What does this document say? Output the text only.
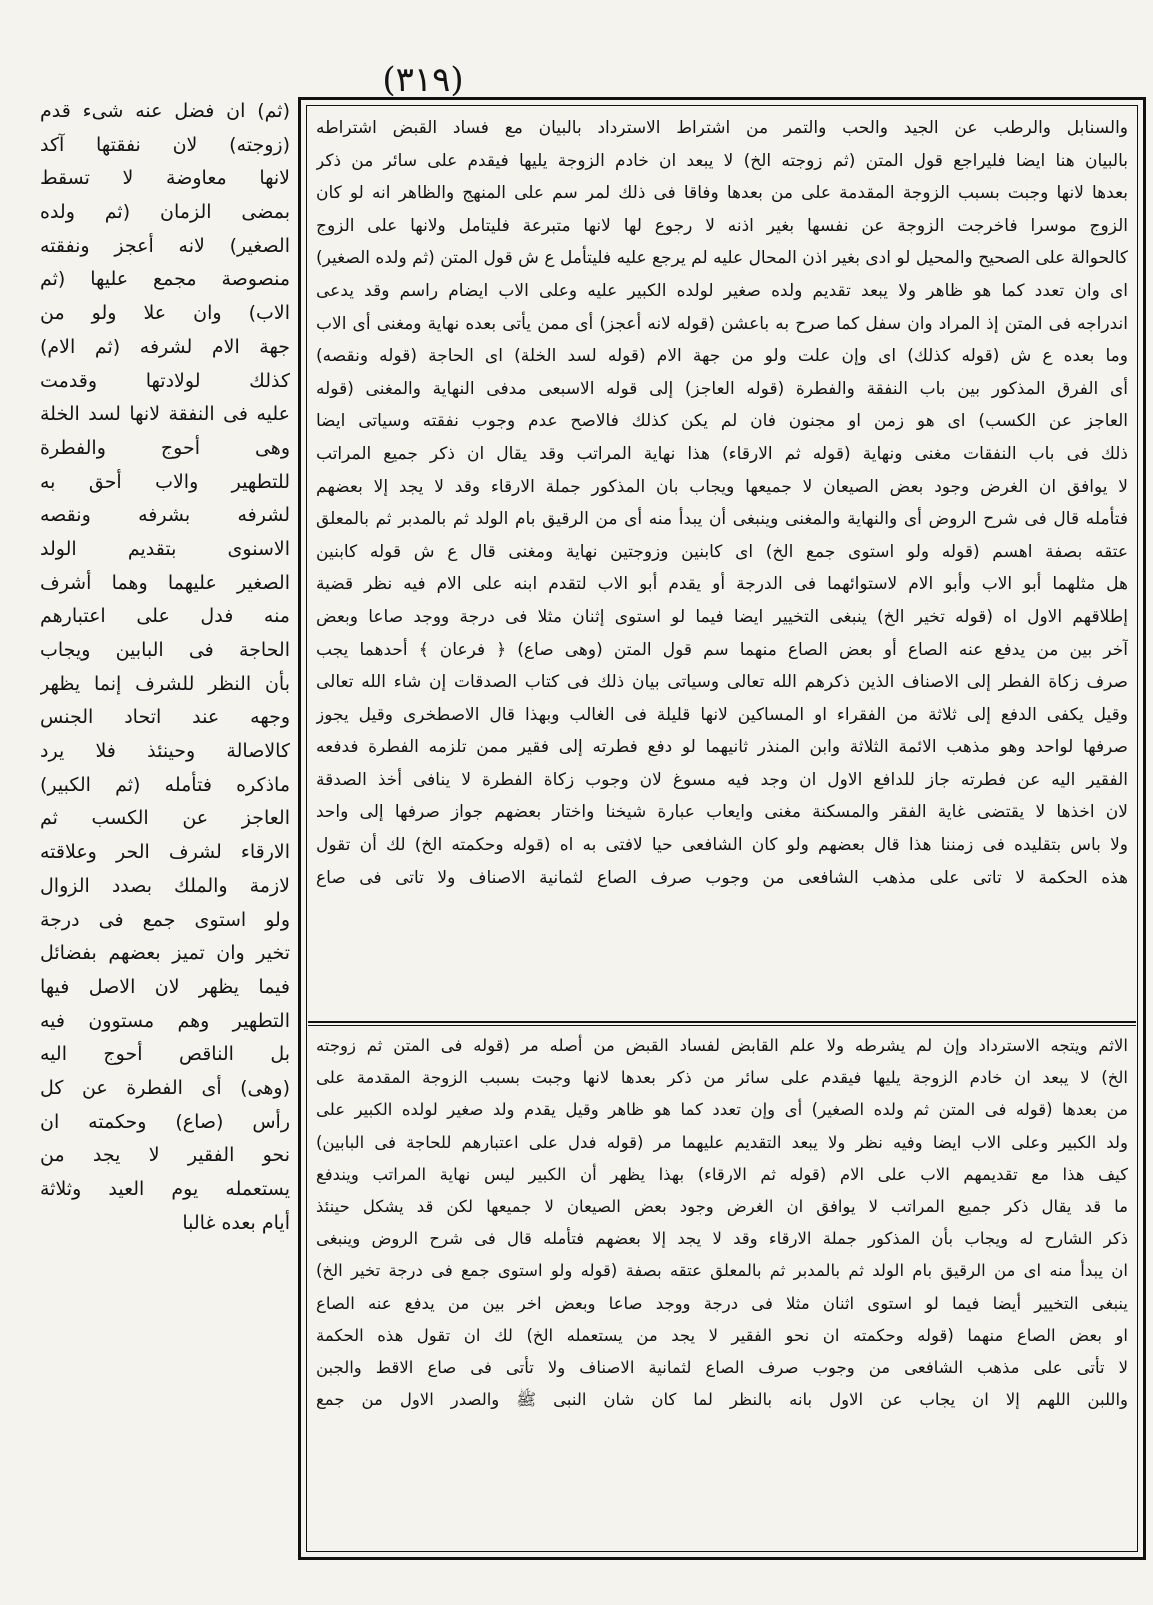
(٣١٩)
والسنابل والرطب عن الجيد والحب والتمر من اشتراط الاسترداد بالبيان مع فساد القبض اشتراطه
بالبيان هنا ايضا فليراجع قول المتن (ثم زوجته الخ) لا يبعد ان خادم الزوجة يليها فيقدم على سائر من ذكر
بعدها لانها وجبت بسبب الزوجة المقدمة على من بعدها وفاقا فى ذلك لمر سم على المنهج والظاهر انه لو كان
الزوج موسرا فاخرجت الزوجة عن نفسها بغير اذنه لا رجوع لها لانها متبرعة فليتامل ولانها على الزوج
كالحوالة على الصحيح والمحيل لو ادى بغير اذن المحال عليه لم يرجع عليه فليتأمل ع ش قول المتن (ثم ولده الصغير)
اى وان تعدد كما هو ظاهر ولا يبعد تقديم ولده صغير لولده الكبير عليه وعلى الاب ايضام راسم وقد يدعى
اندراجه فى المتن إذ المراد وان سفل كما صرح به باعشن (قوله لانه أعجز) أى ممن يأتى بعده نهاية ومغنى أى الاب
وما بعده ع ش (قوله كذلك) اى وإن علت ولو من جهة الام (قوله لسد الخلة) اى الحاجة (قوله ونقصه)
أى الفرق المذكور بين باب النفقة والفطرة (قوله العاجز) إلى قوله الاسبعى مدفى النهاية والمغنى (قوله
العاجز عن الكسب) اى هو زمن او مجنون فان لم يكن كذلك فالاصح عدم وجوب نفقته وسياتى ايضا
ذلك فى باب النفقات مغنى ونهاية (قوله ثم الارقاء) هذا نهاية المراتب وقد يقال ان ذكر جميع المراتب
لا يوافق ان الغرض وجود بعض الصيعان لا جميعها ويجاب بان المذكور جملة الارقاء وقد لا يجد إلا بعضهم
فتأمله قال فى شرح الروض أى والنهاية والمغنى وينبغى أن يبدأ منه أى من الرقيق بام الولد ثم بالمدبر ثم بالمعلق
عتقه بصفة اهسم (قوله ولو استوى جمع الخ) اى كابنين وزوجتين نهاية ومغنى قال ع ش قوله كابنين
هل مثلهما أبو الاب وأبو الام لاستوائهما فى الدرجة أو يقدم أبو الاب لتقدم ابنه على الام فيه نظر قضية
إطلاقهم الاول اه (قوله تخير الخ) ينبغى التخيير ايضا فيما لو استوى إثنان مثلا فى درجة ووجد صاعا وبعض
آخر بين من يدفع عنه الصاع أو بعض الصاع منهما سم قول المتن (وهى صاع) ﴿ فرعان ﴾ أحدهما يجب
صرف زكاة الفطر إلى الاصناف الذين ذكرهم الله تعالى وسياتى بيان ذلك فى كتاب الصدقات إن شاء الله تعالى
وقيل يكفى الدفع إلى ثلاثة من الفقراء او المساكين لانها قليلة فى الغالب وبهذا قال الاصطخرى وقيل يجوز
صرفها لواحد وهو مذهب الائمة الثلاثة وابن المنذر ثانيهما لو دفع فطرته إلى فقير ممن تلزمه الفطرة فدفعه
الفقير اليه عن فطرته جاز للدافع الاول ان وجد فيه مسوغ لان وجوب زكاة الفطرة لا ينافى أخذ الصدقة
لان اخذها لا يقتضى غاية الفقر والمسكنة مغنى وايعاب عبارة شيخنا واختار بعضهم جواز صرفها إلى واحد
ولا باس بتقليده فى زمننا هذا قال بعضهم ولو كان الشافعى حيا لافتى به اه (قوله وحكمته الخ) لك أن تقول
هذه الحكمة لا تاتى على مذهب الشافعى من وجوب صرف الصاع لثمانية الاصناف ولا تاتى فى صاع
الاثم ويتجه الاسترداد وإن لم يشرطه ولا علم القابض لفساد القبض من أصله مر (قوله فى المتن ثم زوجته
الخ) لا يبعد ان خادم الزوجة يليها فيقدم على سائر من ذكر بعدها لانها وجبت بسبب الزوجة المقدمة على
من بعدها (قوله فى المتن ثم ولده الصغير) أى وإن تعدد كما هو ظاهر وقيل يقدم ولد صغير لولده الكبير على
ولد الكبير وعلى الاب ايضا وفيه نظر ولا يبعد التقديم عليهما مر (قوله فدل على اعتبارهم للحاجة فى البابين)
كيف هذا مع تقديمهم الاب على الام (قوله ثم الارقاء) بهذا يظهر أن الكبير ليس نهاية المراتب ويندفع
ما قد يقال ذكر جميع المراتب لا يوافق ان الغرض وجود بعض الصيعان لا جميعها لكن قد يشكل حينئذ
ذكر الشارح له ويجاب بأن المذكور جملة الارقاء وقد لا يجد إلا بعضهم فتأمله قال فى شرح الروض وينبغى
ان يبدأ منه اى من الرقيق بام الولد ثم بالمدبر ثم بالمعلق عتقه بصفة (قوله ولو استوى جمع فى درجة تخير الخ)
ينبغى التخيير أيضا فيما لو استوى اثنان مثلا فى درجة ووجد صاعا وبعض اخر بين من يدفع عنه الصاع
او بعض الصاع منهما (قوله وحكمته ان نحو الفقير لا يجد من يستعمله الخ) لك ان تقول هذه الحكمة
لا تأتى على مذهب الشافعى من وجوب صرف الصاع لثمانية الاصناف ولا تأتى فى صاع الاقط والجبن
واللبن اللهم إلا ان يجاب عن الاول بانه بالنظر لما كان شان النبى ﷺ والصدر الاول من جمع
(ثم) ان فضل عنه شىء قدم
(زوجته) لان نفقتها آكد
لانها معاوضة لا تسقط
بمضى الزمان (ثم ولده
الصغير) لانه أعجز ونفقته
منصوصة مجمع عليها (ثم
الاب) وان علا ولو من
جهة الام لشرفه (ثم الام)
كذلك لولادتها وقدمت
عليه فى النفقة لانها لسد الخلة
وهى أحوج والفطرة
للتطهير والاب أحق به
لشرفه بشرفه ونقصه
الاسنوى بتقديم الولد
الصغير عليهما وهما أشرف
منه فدل على اعتبارهم
الحاجة فى البابين ويجاب
بأن النظر للشرف إنما يظهر
وجهه عند اتحاد الجنس
كالاصالة وحينئذ فلا يرد
ماذكره فتأمله (ثم الكبير)
العاجز عن الكسب ثم
الارقاء لشرف الحر وعلاقته
لازمة والملك بصدد الزوال
ولو استوى جمع فى درجة
تخير وان تميز بعضهم بفضائل
فيما يظهر لان الاصل فيها
التطهير وهم مستوون فيه
بل الناقص أحوج اليه
(وهى) أى الفطرة عن كل
رأس (صاع) وحكمته ان
نحو الفقير لا يجد من
يستعمله يوم العيد وثلاثة
أيام بعده غالبا
